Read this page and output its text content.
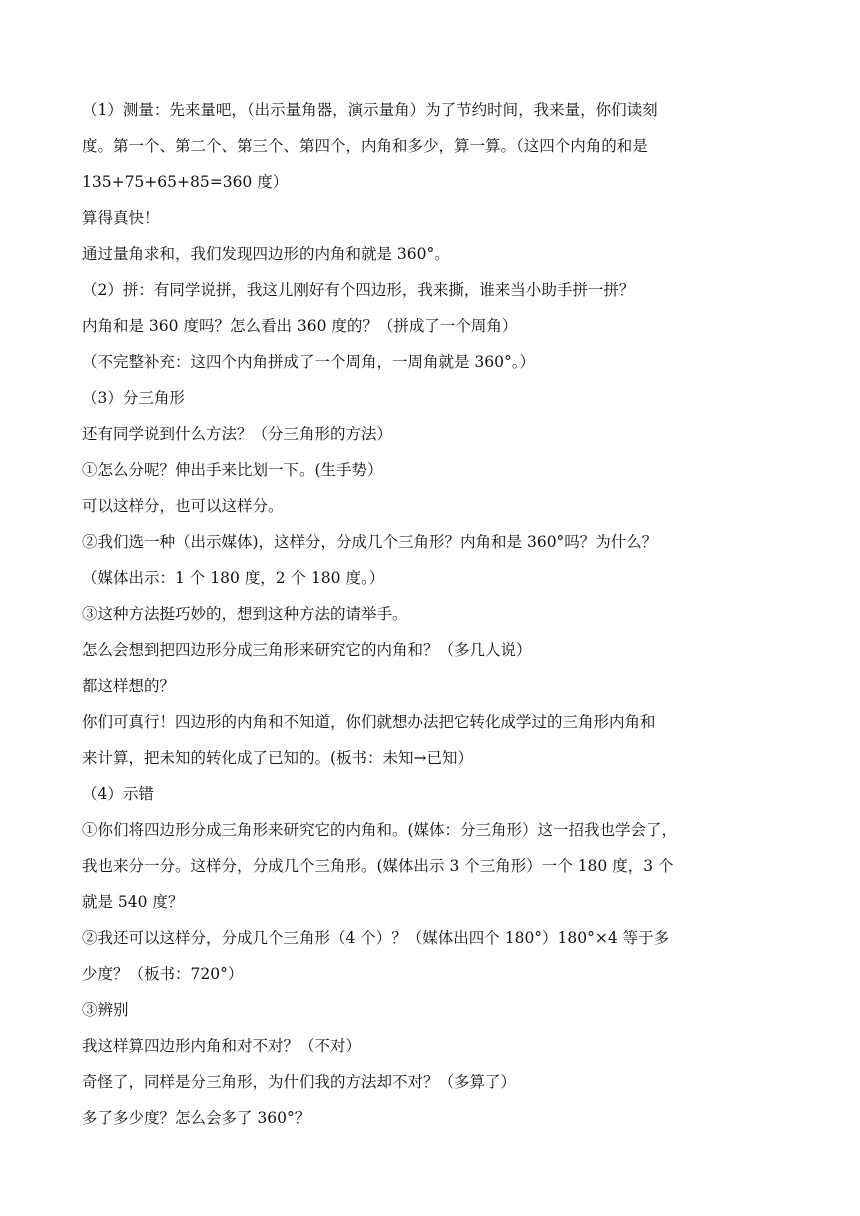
（1）测量：先来量吧，（出示量角器，演示量角）为了节约时间，我来量，你们读刻
度。第一个、第二个、第三个、第四个，内角和多少，算一算。（这四个内角的和是
135+75+65+85=360 度）
算得真快！
通过量角求和，我们发现四边形的内角和就是 360°。
（2）拼：有同学说拼，我这儿刚好有个四边形，我来撕，谁来当小助手拼一拼？
内角和是 360 度吗？怎么看出 360 度的？（拼成了一个周角）
（不完整补充：这四个内角拼成了一个周角，一周角就是 360°。）
（3）分三角形
还有同学说到什么方法？（分三角形的方法）
①怎么分呢？伸出手来比划一下。(生手势）
可以这样分，也可以这样分。
②我们选一种（出示媒体)，这样分，分成几个三角形？内角和是 360°吗？为什么？
（媒体出示：1 个 180 度，2 个 180 度。）
③这种方法挺巧妙的，想到这种方法的请举手。
怎么会想到把四边形分成三角形来研究它的内角和？（多几人说）
都这样想的？
你们可真行！四边形的内角和不知道，你们就想办法把它转化成学过的三角形内角和
来计算，把未知的转化成了已知的。(板书：未知→已知）
（4）示错
①你们将四边形分成三角形来研究它的内角和。(媒体：分三角形）这一招我也学会了，
我也来分一分。这样分，分成几个三角形。(媒体出示 3 个三角形）一个 180 度，3 个
就是 540 度？
②我还可以这样分，分成几个三角形（4 个）？（媒体出四个 180°）180°×4 等于多
少度？（板书：720°）
③辨别
我这样算四边形内角和对不对？（不对）
奇怪了，同样是分三角形，为什们我的方法却不对？（多算了）
多了多少度？怎么会多了 360°？
